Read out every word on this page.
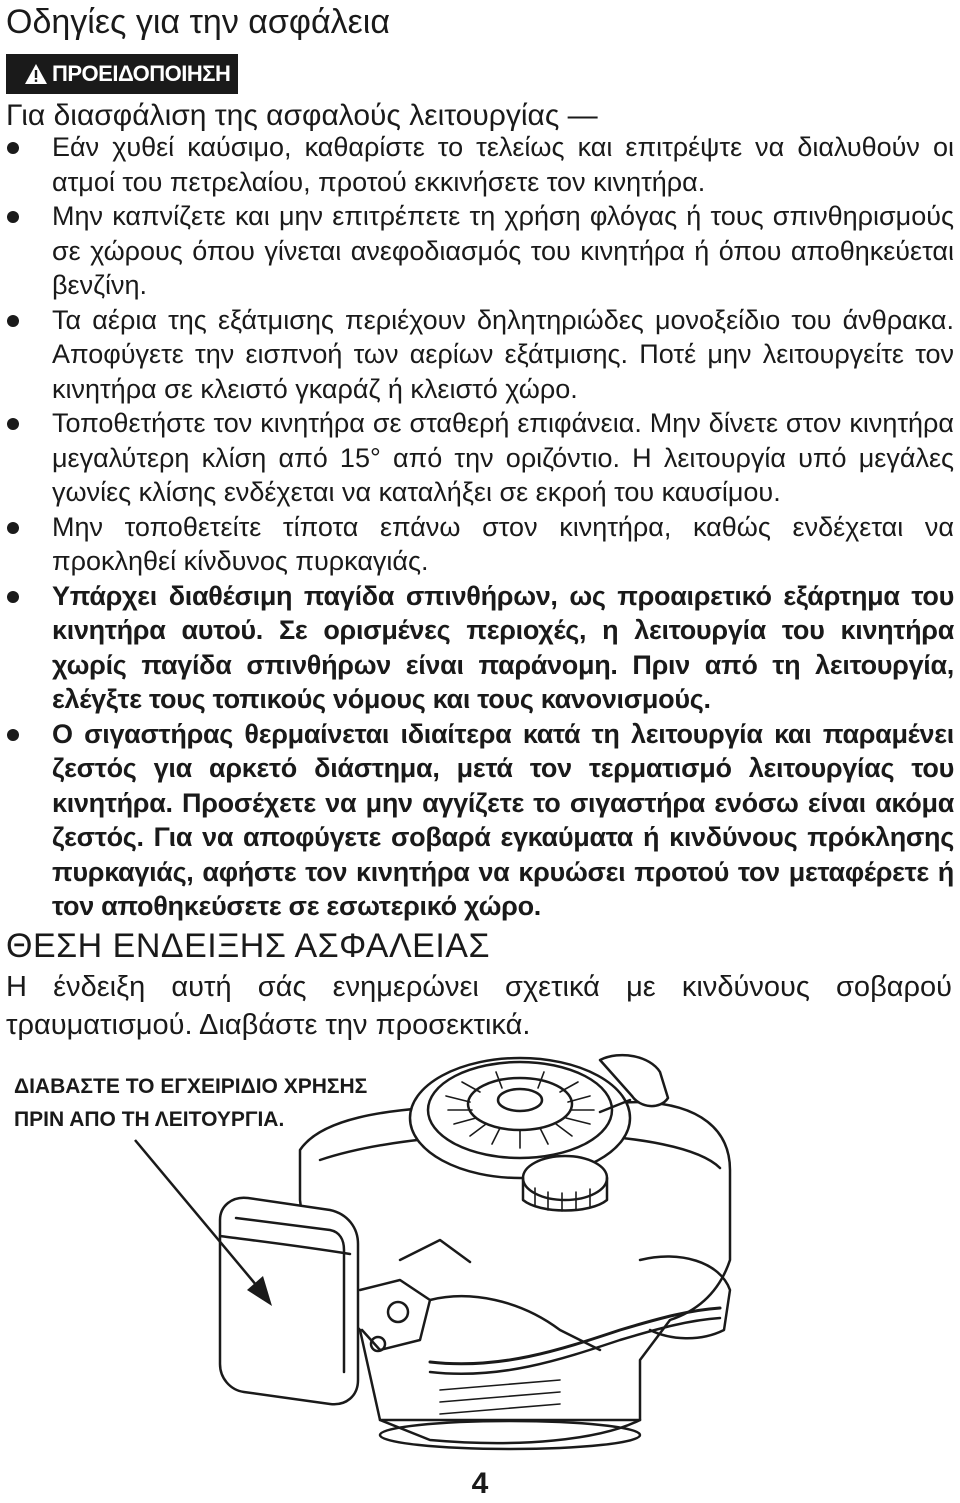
Οδηγίες για την ασφάλεια
ΠΡΟΕΙΔΟΠΟΙΗΣΗ
Για διασφάλιση της ασφαλούς λειτουργίας —
Εάν χυθεί καύσιμο, καθαρίστε το τελείως και επιτρέψτε να διαλυθούν οι ατμοί του πετρελαίου, προτού εκκινήσετε τον κινητήρα.
Μην καπνίζετε και μην επιτρέπετε τη χρήση φλόγας ή τους σπινθηρισμούς σε χώρους όπου γίνεται ανεφοδιασμός του κινητήρα ή όπου αποθηκεύεται βενζίνη.
Τα αέρια της εξάτμισης περιέχουν δηλητηριώδες μονοξείδιο του άνθρακα. Αποφύγετε την εισπνοή των αερίων εξάτμισης. Ποτέ μην λειτουργείτε τον κινητήρα σε κλειστό γκαράζ ή κλειστό χώρο.
Τοποθετήστε τον κινητήρα σε σταθερή επιφάνεια. Μην δίνετε στον κινητήρα μεγαλύτερη κλίση από 15° από την οριζόντιο. Η λειτουργία υπό μεγάλες γωνίες κλίσης ενδέχεται να καταλήξει σε εκροή του καυσίμου.
Μην τοποθετείτε τίποτα επάνω στον κινητήρα, καθώς ενδέχεται να προκληθεί κίνδυνος πυρκαγιάς.
Υπάρχει διαθέσιμη παγίδα σπινθήρων, ως προαιρετικό εξάρτημα του κινητήρα αυτού. Σε ορισμένες περιοχές, η λειτουργία του κινητήρα χωρίς παγίδα σπινθήρων είναι παράνομη. Πριν από τη λειτουργία, ελέγξτε τους τοπικούς νόμους και τους κανονισμούς.
Ο σιγαστήρας θερμαίνεται ιδιαίτερα κατά τη λειτουργία και παραμένει ζεστός για αρκετό διάστημα, μετά τον τερματισμό λειτουργίας του κινητήρα. Προσέχετε να μην αγγίζετε το σιγαστήρα ενόσω είναι ακόμα ζεστός. Για να αποφύγετε σοβαρά εγκαύματα ή κινδύνους πρόκλησης πυρκαγιάς, αφήστε τον κινητήρα να κρυώσει προτού τον μεταφέρετε ή τον αποθηκεύσετε σε εσωτερικό χώρο.
ΘΕΣΗ ΕΝΔΕΙΞΗΣ ΑΣΦΑΛΕΙΑΣ

Η ένδειξη αυτή σάς ενημερώνει σχετικά με κινδύνους σοβαρού τραυματισμού. Διαβάστε την προσεκτικά.

ΔΙΑΒΑΣΤΕ ΤΟ ΕΓΧΕΙΡΙΔΙΟ ΧΡΗΣΗΣ
ΠΡΙΝ ΑΠΟ ΤΗ ΛΕΙΤΟΥΡΓΙΑ.

4
